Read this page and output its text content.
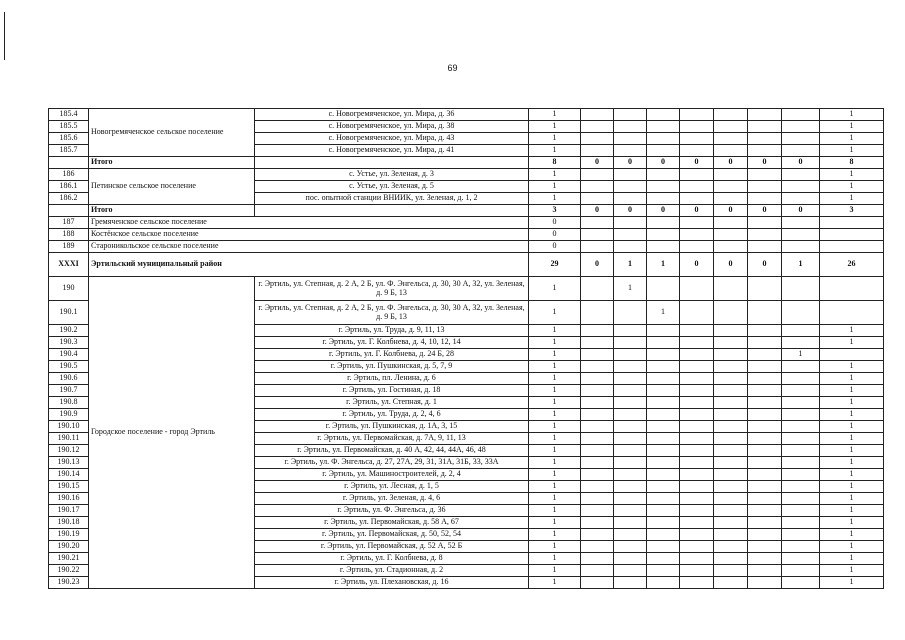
69
185.4	Новогремяченское сельское поселение	с. Новогремяченское, ул. Мира, д. 36	1								1
185.5		с. Новогремяченское, ул. Мира, д. 38	1								1
185.6		с. Новогремяченское, ул. Мира, д. 43	1								1
185.7		с. Новогремяченское, ул. Мира, д. 41	1								1
	Итого		8	0	0	0	0	0	0	0	8
186	Петинское сельское поселение	с. Устье, ул. Зеленая, д. 3	1								1
186.1		с. Устье, ул. Зеленая, д. 5	1								1
186.2		пос. опытной станции ВНИИК, ул. Зеленая, д. 1, 2	1								1
	Итого		3	0	0	0	0	0	0	0	3
187	Гремяченское сельское поселение		0								
188	Костёнское сельское поселение		0								
189	Староникольское сельское поселение		0								
XXXI	Эртильский муниципальный район		29	0	1	1	0	0	0	1	26
190	Городское поселение - город Эртиль	г. Эртиль, ул. Степная, д. 2 А, 2 Б, ул. Ф. Энгельса, д. 30, 30 А, 32, ул. Зеленая, д. 9 Б, 13	1		1						
190.1		г. Эртиль, ул. Степная, д. 2 А, 2 Б, ул. Ф. Энгельса, д. 30, 30 А, 32, ул. Зеленая, д. 9 Б, 13	1			1					
190.2		г. Эртиль, ул. Труда, д. 9, 11, 13	1								1
190.3		г. Эртиль, ул. Г. Колбнева, д. 4, 10, 12, 14	1								1
190.4		г. Эртиль, ул. Г. Колбнева, д. 24 Б, 28	1							1	
190.5		г. Эртиль, ул. Пушкинская, д. 5, 7, 9	1								1
190.6		г. Эртиль, пл. Ленина, д. 6	1								1
190.7		г. Эртиль, ул. Гостиная, д. 18	1								1
190.8		г. Эртиль, ул. Степная, д. 1	1								1
190.9		г. Эртиль, ул. Труда, д. 2, 4, 6	1								1
190.10		г. Эртиль, ул. Пушкинская, д. 1А, 3, 15	1								1
190.11		г. Эртиль, ул. Первомайская, д. 7А, 9, 11, 13	1								1
190.12		г. Эртиль, ул. Первомайская, д. 40 А, 42, 44, 44А, 46, 48	1								1
190.13		г. Эртиль, ул. Ф. Энгельса, д. 27, 27А, 29, 31, 31А, 31Б, 33, 33А	1								1
190.14		г. Эртиль, ул. Машиностроителей, д. 2, 4	1								1
190.15		г. Эртиль, ул. Лесная, д. 1, 5	1								1
190.16		г. Эртиль, ул. Зеленая, д. 4, 6	1								1
190.17		г. Эртиль, ул. Ф. Энгельса, д. 36	1								1
190.18		г. Эртиль, ул. Первомайская, д. 58 А, 67	1								1
190.19		г. Эртиль, ул. Первомайская, д. 50, 52, 54	1								1
190.20		г. Эртиль, ул. Первомайская, д. 52 А, 52 Б	1								1
190.21		г. Эртиль, ул. Г. Колбнева, д. 8	1								1
190.22		г. Эртиль, ул. Стадионная, д. 2	1								1
190.23		г. Эртиль, ул. Плехановская, д. 16	1								1
